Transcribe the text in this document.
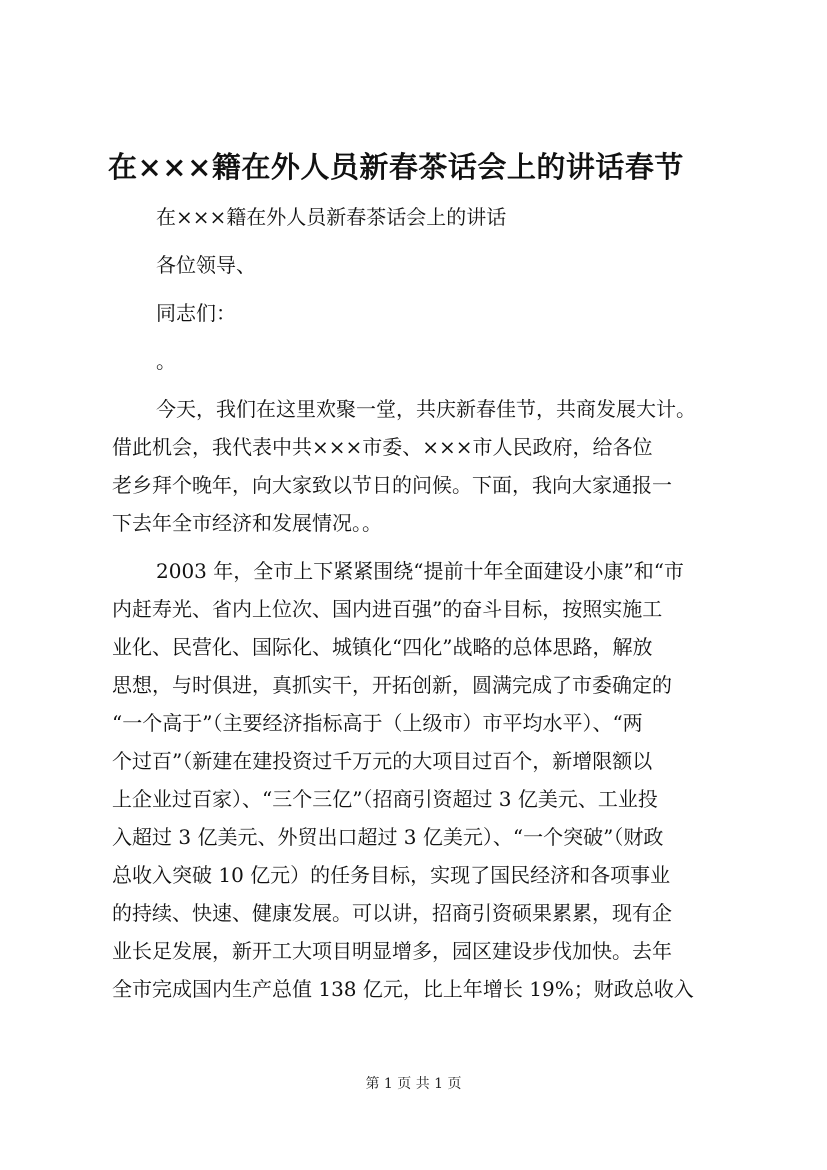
在×××籍在外人员新春茶话会上的讲话春节
在×××籍在外人员新春茶话会上的讲话
各位领导、
同志们：
。
今天，我们在这里欢聚一堂，共庆新春佳节，共商发展大计。
借此机会，我代表中共×××市委、×××市人民政府，给各位
老乡拜个晚年，向大家致以节日的问候。下面，我向大家通报一
下去年全市经济和发展情况。。
2003 年，全市上下紧紧围绕“提前十年全面建设小康”和“市
内赶寿光、省内上位次、国内进百强”的奋斗目标，按照实施工
业化、民营化、国际化、城镇化“四化”战略的总体思路，解放
思想，与时俱进，真抓实干，开拓创新，圆满完成了市委确定的
“一个高于”（主要经济指标高于（上级市）市平均水平）、“两
个过百”（新建在建投资过千万元的大项目过百个，新增限额以
上企业过百家）、“三个三亿”（招商引资超过 3 亿美元、工业投
入超过 3 亿美元、外贸出口超过 3 亿美元）、“一个突破”（财政
总收入突破 10 亿元）的任务目标，实现了国民经济和各项事业
的持续、快速、健康发展。可以讲，招商引资硕果累累，现有企
业长足发展，新开工大项目明显增多，园区建设步伐加快。去年
全市完成国内生产总值 138 亿元，比上年增长 19%；财政总收入
第 1 页 共 1 页
